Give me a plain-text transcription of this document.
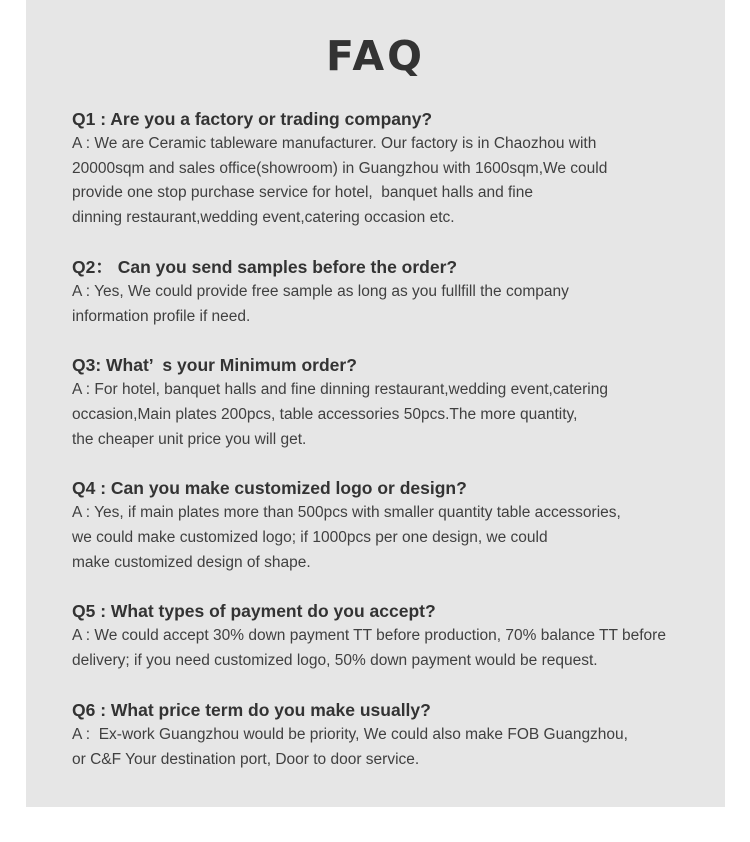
FAQ

Q1 : Are you a factory or trading company?

A : We are Ceramic tableware manufacturer. Our factory is in Chaozhou with
20000sqm and sales office(showroom) in Guangzhou with 1600sqm,We could
provide one stop purchase service for hotel,  banquet halls and fine
dinning restaurant,wedding event,catering occasion etc.

Q2： Can you send samples before the order?

A : Yes, We could provide free sample as long as you fullfill the company
information profile if need.

Q3: What’  s your Minimum order?

A : For hotel, banquet halls and fine dinning restaurant,wedding event,catering
occasion,Main plates 200pcs, table accessories 50pcs.The more quantity,
the cheaper unit price you will get.

Q4 : Can you make customized logo or design?

A : Yes, if main plates more than 500pcs with smaller quantity table accessories,
we could make customized logo; if 1000pcs per one design, we could
make customized design of shape.

Q5 : What types of payment do you accept?

A : We could accept 30% down payment TT before production, 70% balance TT before
delivery; if you need customized logo, 50% down payment would be request.

Q6 : What price term do you make usually?

A :  Ex-work Guangzhou would be priority, We could also make FOB Guangzhou,
or C&F Your destination port, Door to door service.
